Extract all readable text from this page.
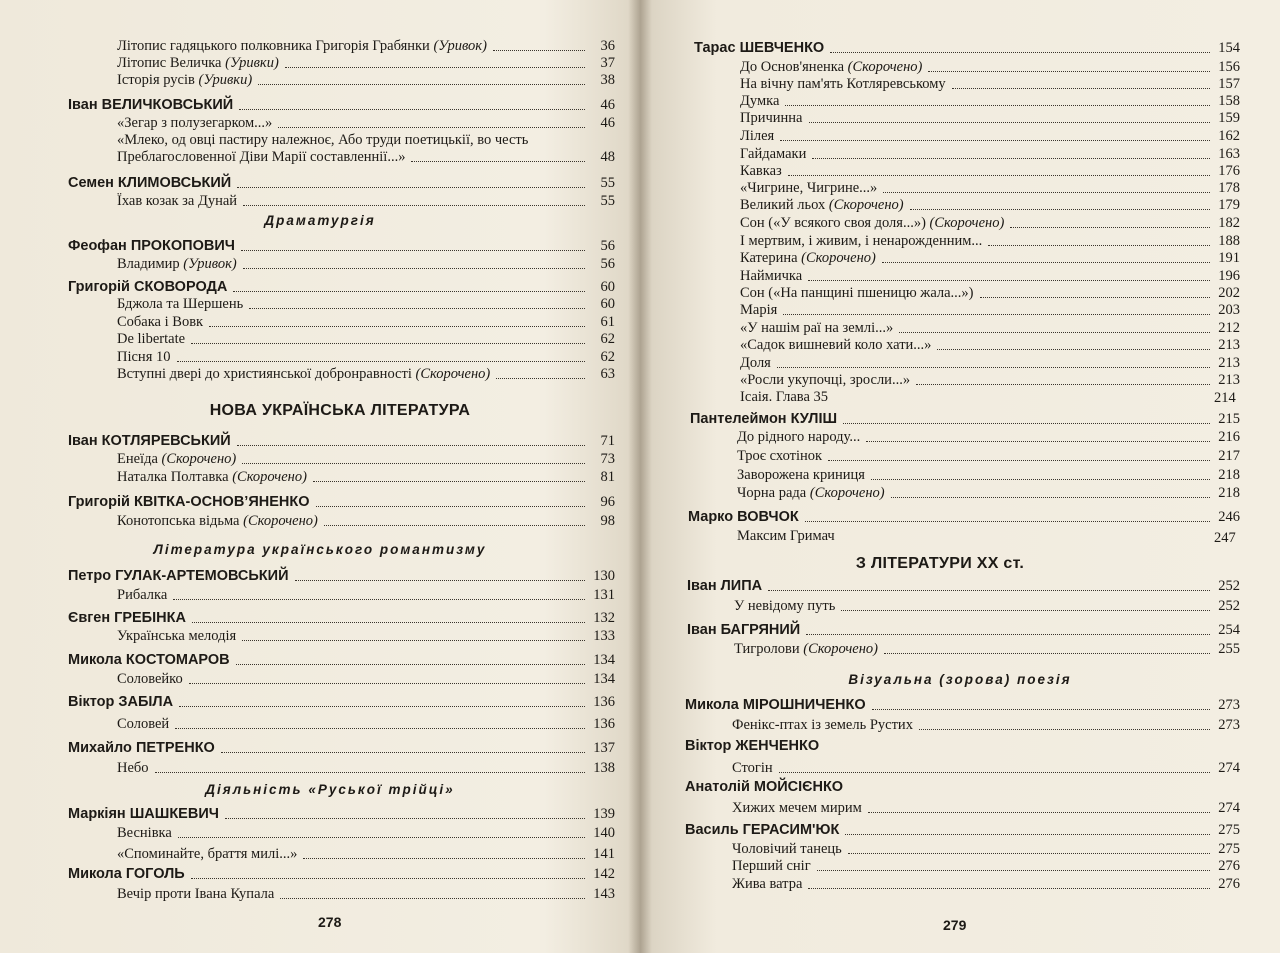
Літопис гадяцького полковника Григорія Грабянки (Уривок)	36
Літопис Величка (Уривки)	37
Історія русів (Уривки)	38
Іван ВЕЛИЧКОВСЬКИЙ	46
«Зегар з полузегарком...»	46
«Млеко, од овці пастиру належноє, Або труди поетицькії, во честь
Преблагословенної Діви Марії составленнії...»	48
Семен КЛИМОВСЬКИЙ	55
Їхав козак за Дунай	55
Драматургія
Феофан ПРОКОПОВИЧ	56
Владимир (Уривок)	56
Григорій СКОВОРОДА	60
Бджола та Шершень	60
Собака і Вовк	61
De libertate	62
Пісня 10	62
Вступні двері до християнської добронравності (Скорочено)	63
НОВА УКРАЇНСЬКА ЛІТЕРАТУРА
Іван КОТЛЯРЕВСЬКИЙ	71
Енеїда (Скорочено)	73
Наталка Полтавка (Скорочено)	81
Григорій КВІТКА-ОСНОВ’ЯНЕНКО	96
Конотопська відьма (Скорочено)	98
Література українського романтизму
Петро ГУЛАК-АРТЕМОВСЬКИЙ	130
Рибалка	131
Євген ГРЕБІНКА	132
Українська мелодія	133
Микола КОСТОМАРОВ	134
Соловейко	134
Віктор ЗАБІЛА	136
Соловей	136
Михайло ПЕТРЕНКО	137
Небо	138
Діяльність «Руської трійці»
Маркіян ШАШКЕВИЧ	139
Веснівка	140
«Споминайте, браття милі...»	141
Микола ГОГОЛЬ	142
Вечір проти Івана Купала	143
278
Тарас ШЕВЧЕНКО	154
До Основ'яненка (Скорочено)	156
На вічну пам'ять Котляревському	157
Думка	158
Причинна	159
Лілея	162
Гайдамаки	163
Кавказ	176
«Чигрине, Чигрине...»	178
Великий льох (Скорочено)	179
Сон («У всякого своя доля...») (Скорочено)	182
І мертвим, і живим, і ненарожденним...	188
Катерина (Скорочено)	191
Наймичка	196
Сон («На панщині пшеницю жала...»)	202
Марія	203
«У нашім раї на землі...»	212
«Садок вишневий коло хати...»	213
Доля	213
«Росли укупочці, зросли...»	213
Ісаія. Глава 35	214
Пантелеймон КУЛІШ	215
До рідного народу...	216
Троє схотінок	217
Заворожена криниця	218
Чорна рада (Скорочено)	218
Марко ВОВЧОК	246
Максим Гримач	247
З ЛІТЕРАТУРИ ХХ ст.
Іван ЛИПА	252
У невідому путь	252
Іван БАГРЯНИЙ	254
Тигролови (Скорочено)	255
Візуальна (зорова) поезія
Микола МІРОШНИЧЕНКО	273
Фенікс-птах із земель Рустих	273
Віктор ЖЕНЧЕНКО
Стогін	274
Анатолій МОЙСІЄНКО
Хижих мечем мирим	274
Василь ГЕРАСИМ'ЮК	275
Чоловічий танець	275
Перший сніг	276
Жива ватра	276
279
